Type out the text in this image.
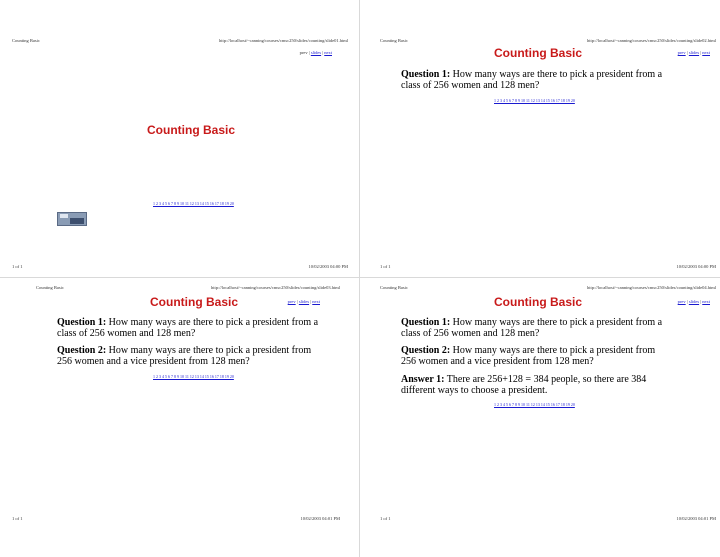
Counting Basic	http://localhost/~canning/courses/cmsc250/slides/counting/slide01.html
prev | slides | next
Counting Basic
1 2 3 4 5 6 7 8 9 10 11 12 13 14 15 16 17 18 19 20
1 of 1	10/02/2003 04:00 PM
Counting Basic	http://localhost/~canning/courses/cmsc250/slides/counting/slide02.html
Counting Basic	prev | slides | next
Question 1: How many ways are there to pick a president from a class of 256 women and 128 men?
1 2 3 4 5 6 7 8 9 10 11 12 13 14 15 16 17 18 19 20
1 of 1	10/02/2003 04:00 PM
Counting Basic	http://localhost/~canning/courses/cmsc250/slides/counting/slide03.html
Counting Basic	prev | slides | next
Question 1: How many ways are there to pick a president from a class of 256 women and 128 men?
Question 2: How many ways are there to pick a president from 256 women and a vice president from 128 men?
1 2 3 4 5 6 7 8 9 10 11 12 13 14 15 16 17 18 19 20
1 of 1	10/02/2003 04:01 PM
Counting Basic	http://localhost/~canning/courses/cmsc250/slides/counting/slide04.html
Counting Basic	prev | slides | next
Question 1: How many ways are there to pick a president from a class of 256 women and 128 men?
Question 2: How many ways are there to pick a president from 256 women and a vice president from 128 men?
Answer 1: There are 256+128 = 384 people, so there are 384 different ways to choose a president.
1 2 3 4 5 6 7 8 9 10 11 12 13 14 15 16 17 18 19 20
1 of 1	10/02/2003 04:01 PM
